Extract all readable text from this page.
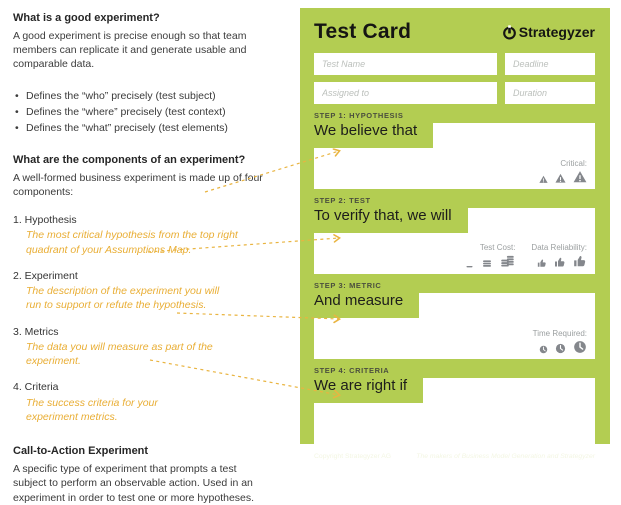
What is a good experiment?

A good experiment is precise enough so that team members can replicate it and generate usable and comparable data.

• Defines the “who” precisely (test subject)
• Defines the “where” precisely (test context)
• Defines the “what” precisely (test elements)
What are the components of an experiment?

A well-formed business experiment is made up of four components:

1. Hypothesis
The most critical hypothesis from the top right quadrant of your Assumptions Map.
2. Experiment
The description of the experiment you will run to support or refute the hypothesis.
3. Metrics
The data you will measure as part of the experiment.
4. Criteria
The success criteria for your experiment metrics.
Call-to-Action Experiment

A specific type of experiment that prompts a test subject to perform an observable action. Used in an experiment in order to test one or more hypotheses.

Test Card	Strategyzer
Test Name
Deadline
Assigned to
Duration
STEP 1: HYPOTHESIS
We believe that
Critical:
STEP 2: TEST
To verify that, we will
Test Cost: Data Reliability:
STEP 3: METRIC
And measure
Time Required:
STEP 4: CRITERIA
We are right if
Copyright Strategyzer AG	The makers of Business Model Generation and Strategyzer
